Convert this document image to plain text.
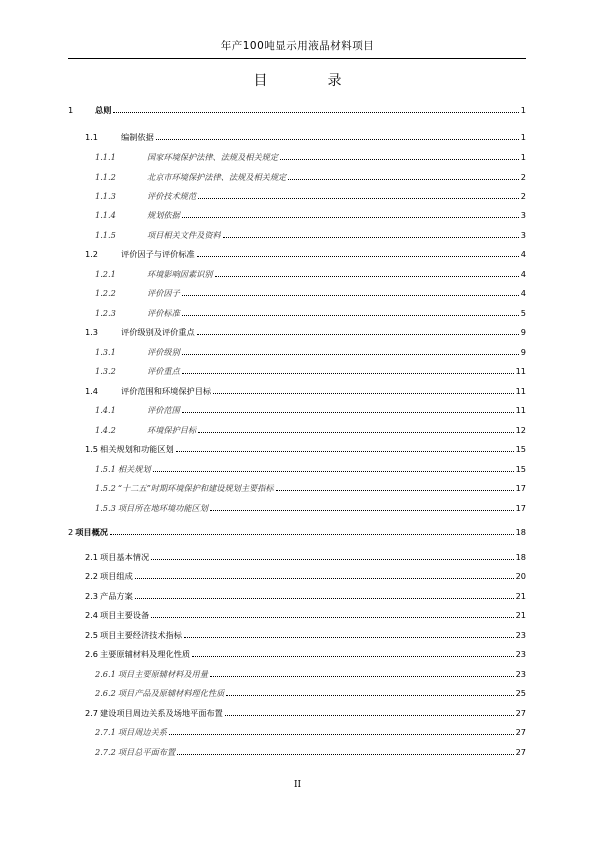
年产100吨显示用液晶材料项目
目录
1	总则	1
1.1	编制依据	1
1.1.1	国家环境保护法律、法规及相关规定	1
1.1.2	北京市环境保护法律、法规及相关规定	2
1.1.3	评价技术规范	2
1.1.4	规划依据	3
1.1.5	项目相关文件及资料	3
1.2	评价因子与评价标准	4
1.2.1	环境影响因素识别	4
1.2.2	评价因子	4
1.2.3	评价标准	5
1.3	评价级别及评价重点	9
1.3.1	评价级别	9
1.3.2	评价重点	11
1.4	评价范围和环境保护目标	11
1.4.1	评价范围	11
1.4.2	环境保护目标	12
1.5 相关规划和功能区划	15
1.5.1 相关规划	15
1.5.2 “十二五”时期环境保护和建设规划主要指标	17
1.5.3 项目所在地环境功能区划	17
2 项目概况	18
2.1 项目基本情况	18
2.2 项目组成	20
2.3 产品方案	21
2.4 项目主要设备	21
2.5 项目主要经济技术指标	23
2.6 主要原辅材料及理化性质	23
2.6.1 项目主要原辅材料及用量	23
2.6.2 项目产品及原辅材料理化性质	25
2.7 建设项目周边关系及场地平面布置	27
2.7.1 项目周边关系	27
2.7.2 项目总平面布置	27
II
